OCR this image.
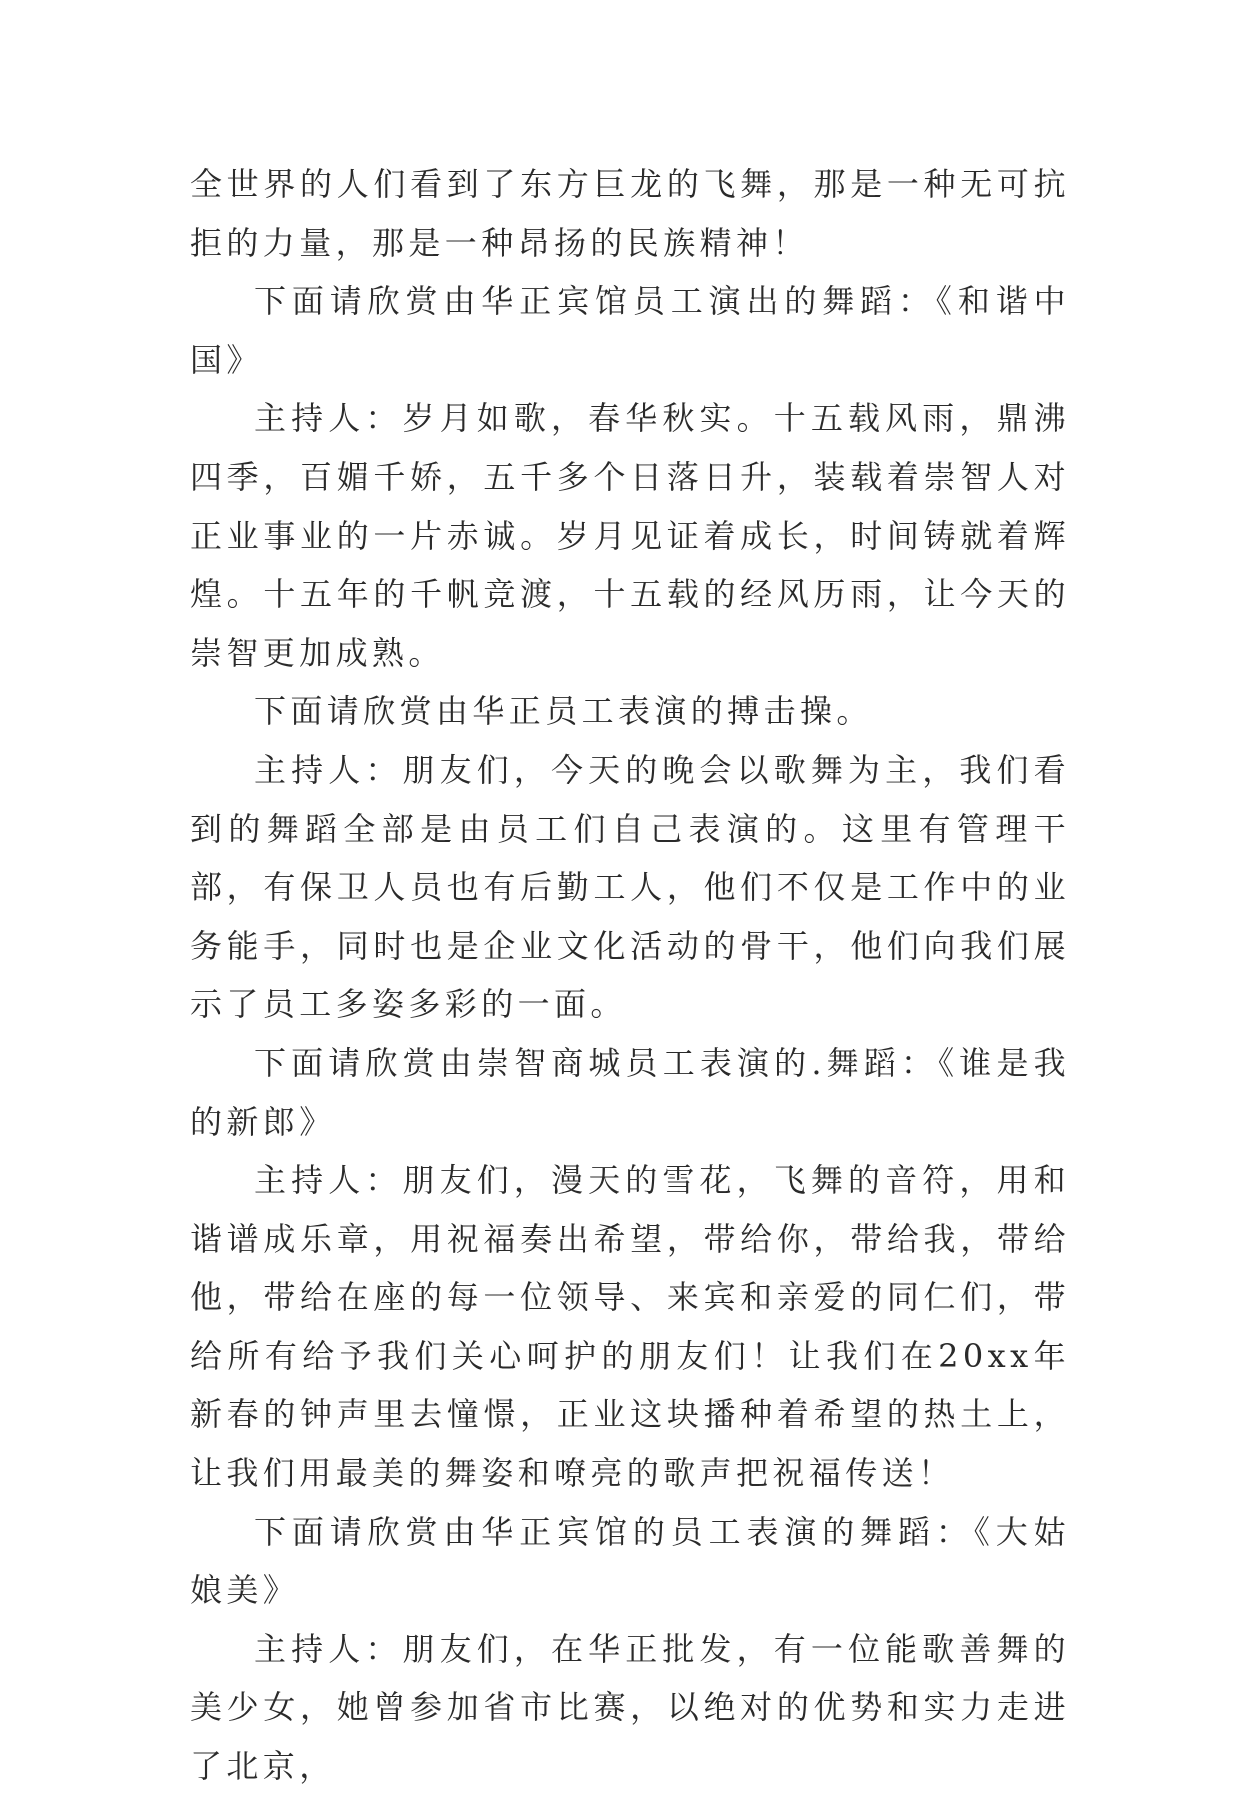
全世界的人们看到了东方巨龙的飞舞，那是一种无可抗拒的力量，那是一种昂扬的民族精神！

下面请欣赏由华正宾馆员工演出的舞蹈：《和谐中国》

主持人：岁月如歌，春华秋实。十五载风雨，鼎沸四季，百媚千娇，五千多个日落日升，装载着崇智人对正业事业的一片赤诚。岁月见证着成长，时间铸就着辉煌。十五年的千帆竞渡，十五载的经风历雨，让今天的崇智更加成熟。

下面请欣赏由华正员工表演的搏击操。

主持人：朋友们，今天的晚会以歌舞为主，我们看到的舞蹈全部是由员工们自己表演的。这里有管理干部，有保卫人员也有后勤工人，他们不仅是工作中的业务能手，同时也是企业文化活动的骨干，他们向我们展示了员工多姿多彩的一面。

下面请欣赏由崇智商城员工表演的.舞蹈：《谁是我的新郎》

主持人：朋友们，漫天的雪花，飞舞的音符，用和谐谱成乐章，用祝福奏出希望，带给你，带给我，带给他，带给在座的每一位领导、来宾和亲爱的同仁们，带给所有给予我们关心呵护的朋友们！让我们在20xx年新春的钟声里去憧憬，正业这块播种着希望的热土上，让我们用最美的舞姿和嘹亮的歌声把祝福传送！

下面请欣赏由华正宾馆的员工表演的舞蹈：《大姑娘美》

主持人：朋友们，在华正批发，有一位能歌善舞的美少女，她曾参加省市比赛，以绝对的优势和实力走进了北京，
